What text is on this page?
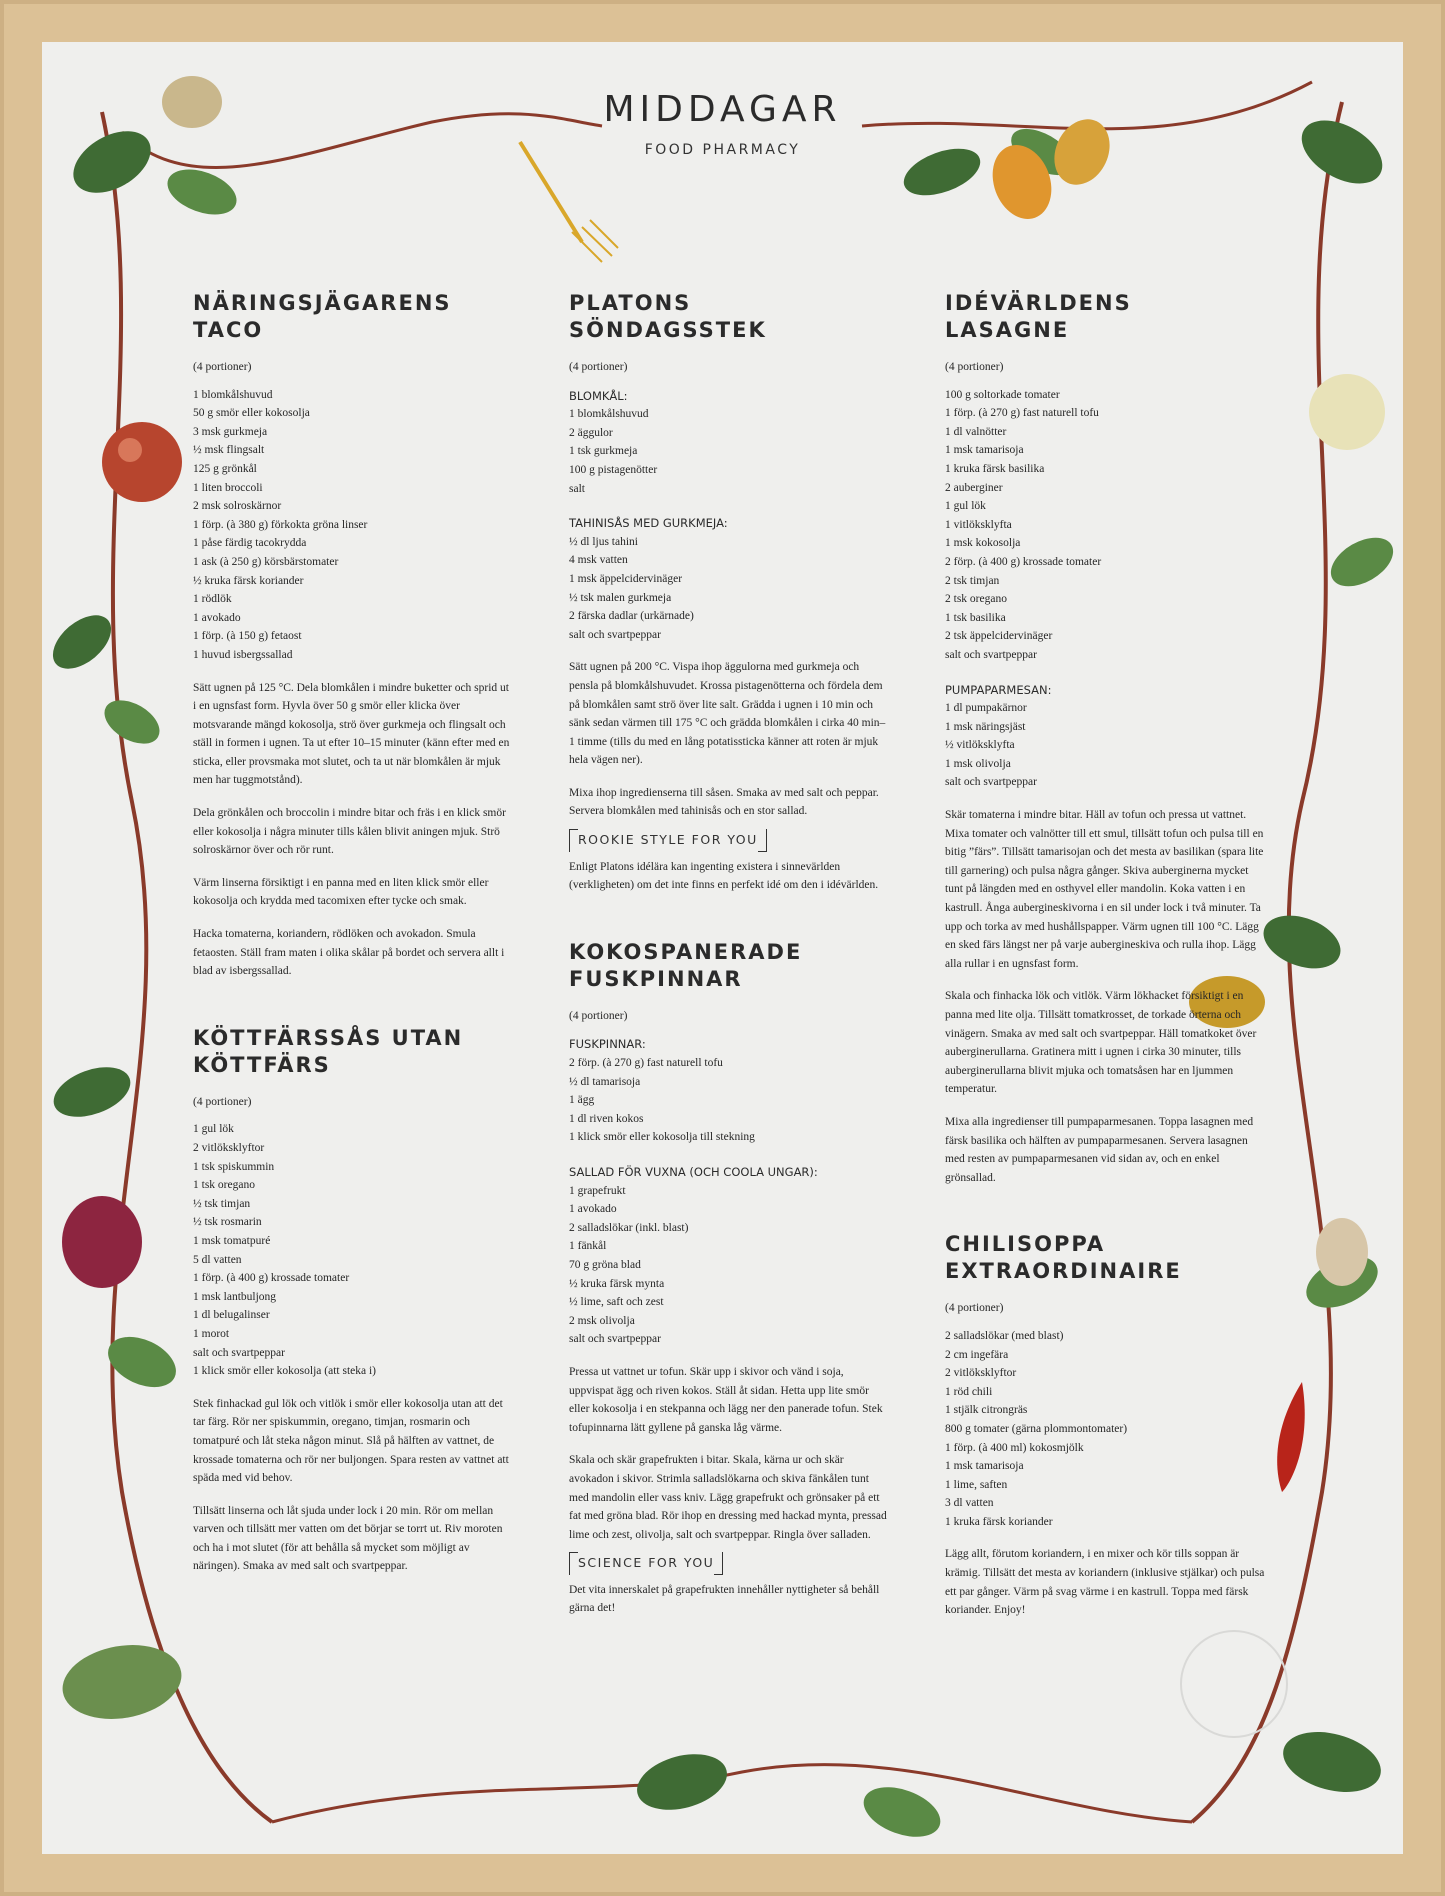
MIDDAGAR
FOOD PHARMACY
NÄRINGSJÄGARENS TACO
(4 portioner)
1 blomkålshuvud
50 g smör eller kokosolja
3 msk gurkmeja
½ msk flingsalt
125 g grönkål
1 liten broccoli
2 msk solroskärnor
1 förp. (à 380 g) förkokta gröna linser
1 påse färdig tacokrydda
1 ask (à 250 g) körsbärstomater
½ kruka färsk koriander
1 rödlök
1 avokado
1 förp. (à 150 g) fetaost
1 huvud isbergssallad
Sätt ugnen på 125 °C. Dela blomkålen i mindre buketter och sprid ut i en ugnsfast form. Hyvla över 50 g smör eller klicka över motsvarande mängd kokosolja, strö över gurkmeja och flingsalt och ställ in formen i ugnen. Ta ut efter 10–15 minuter (känn efter med en sticka, eller provsmaka mot slutet, och ta ut när blomkålen är mjuk men har tuggmotstånd).
Dela grönkålen och broccolin i mindre bitar och fräs i en klick smör eller kokosolja i några minuter tills kålen blivit aningen mjuk. Strö solroskärnor över och rör runt.
Värm linserna försiktigt i en panna med en liten klick smör eller kokosolja och krydda med tacomixen efter tycke och smak.
Hacka tomaterna, koriandern, rödlöken och avokadon. Smula fetaosten. Ställ fram maten i olika skålar på bordet och servera allt i blad av isbergssallad.
KÖTTFÄRSSÅS UTAN KÖTTFÄRS
(4 portioner)
1 gul lök
2 vitlöksklyftor
1 tsk spiskummin
1 tsk oregano
½ tsk timjan
½ tsk rosmarin
1 msk tomatpuré
5 dl vatten
1 förp. (à 400 g) krossade tomater
1 msk lantbuljong
1 dl belugalinser
1 morot
salt och svartpeppar
1 klick smör eller kokosolja (att steka i)
Stek finhackad gul lök och vitlök i smör eller kokosolja utan att det tar färg. Rör ner spiskummin, oregano, timjan, rosmarin och tomatpuré och låt steka någon minut. Slå på hälften av vattnet, de krossade tomaterna och rör ner buljongen. Spara resten av vattnet att späda med vid behov.
Tillsätt linserna och låt sjuda under lock i 20 min. Rör om mellan varven och tillsätt mer vatten om det börjar se torrt ut. Riv moroten och ha i mot slutet (för att behålla så mycket som möjligt av näringen). Smaka av med salt och svartpeppar.
PLATONS SÖNDAGSSTEK
(4 portioner)
BLOMKÅL:
1 blomkålshuvud
2 äggulor
1 tsk gurkmeja
100 g pistagenötter
salt
TAHINISÅS MED GURKMEJA:
½ dl ljus tahini
4 msk vatten
1 msk äppelcidervinäger
½ tsk malen gurkmeja
2 färska dadlar (urkärnade)
salt och svartpeppar
Sätt ugnen på 200 °C. Vispa ihop äggulorna med gurkmeja och pensla på blomkålshuvudet. Krossa pistagenötterna och fördela dem på blomkålen samt strö över lite salt. Grädda i ugnen i 10 min och sänk sedan värmen till 175 °C och grädda blomkålen i cirka 40 min–1 timme (tills du med en lång potatissticka känner att roten är mjuk hela vägen ner).
Mixa ihop ingredienserna till såsen. Smaka av med salt och peppar. Servera blomkålen med tahinisås och en stor sallad.
ROOKIE STYLE FOR YOU
Enligt Platons idélära kan ingenting existera i sinnevärlden (verkligheten) om det inte finns en perfekt idé om den i idévärlden.
KOKOSPANERADE FUSKPINNAR
(4 portioner)
FUSKPINNAR:
2 förp. (à 270 g) fast naturell tofu
½ dl tamarisoja
1 ägg
1 dl riven kokos
1 klick smör eller kokosolja till stekning
SALLAD FÖR VUXNA (OCH COOLA UNGAR):
1 grapefrukt
1 avokado
2 salladslökar (inkl. blast)
1 fänkål
70 g gröna blad
½ kruka färsk mynta
½ lime, saft och zest
2 msk olivolja
salt och svartpeppar
Pressa ut vattnet ur tofun. Skär upp i skivor och vänd i soja, uppvispat ägg och riven kokos. Ställ åt sidan. Hetta upp lite smör eller kokosolja i en stekpanna och lägg ner den panerade tofun. Stek tofupinnarna lätt gyllene på ganska låg värme.
Skala och skär grapefrukten i bitar. Skala, kärna ur och skär avokadon i skivor. Strimla salladslökarna och skiva fänkålen tunt med mandolin eller vass kniv. Lägg grapefrukt och grönsaker på ett fat med gröna blad. Rör ihop en dressing med hackad mynta, pressad lime och zest, olivolja, salt och svartpeppar. Ringla över salladen.
SCIENCE FOR YOU
Det vita innerskalet på grapefrukten innehåller nyttigheter så behåll gärna det!
IDÉVÄRLDENS LASAGNE
(4 portioner)
100 g soltorkade tomater
1 förp. (à 270 g) fast naturell tofu
1 dl valnötter
1 msk tamarisoja
1 kruka färsk basilika
2 auberginer
1 gul lök
1 vitlöksklyfta
1 msk kokosolja
2 förp. (à 400 g) krossade tomater
2 tsk timjan
2 tsk oregano
1 tsk basilika
2 tsk äppelcidervinäger
salt och svartpeppar
PUMPAPARMESAN:
1 dl pumpakärnor
1 msk näringsjäst
½ vitlöksklyfta
1 msk olivolja
salt och svartpeppar
Skär tomaterna i mindre bitar. Häll av tofun och pressa ut vattnet. Mixa tomater och valnötter till ett smul, tillsätt tofun och pulsa till en bitig ”färs”. Tillsätt tamarisojan och det mesta av basilikan (spara lite till garnering) och pulsa några gånger. Skiva auberginerna mycket tunt på längden med en osthyvel eller mandolin. Koka vatten i en kastrull. Ånga aubergineskivorna i en sil under lock i två minuter. Ta upp och torka av med hushållspapper. Värm ugnen till 100 °C. Lägg en sked färs längst ner på varje aubergineskiva och rulla ihop. Lägg alla rullar i en ugnsfast form.
Skala och finhacka lök och vitlök. Värm lökhacket försiktigt i en panna med lite olja. Tillsätt tomatkrosset, de torkade örterna och vinägern. Smaka av med salt och svartpeppar. Häll tomatkoket över auberginerullarna. Gratinera mitt i ugnen i cirka 30 minuter, tills auberginerullarna blivit mjuka och tomatsåsen har en ljummen temperatur.
Mixa alla ingredienser till pumpaparmesanen. Toppa lasagnen med färsk basilika och hälften av pumpaparmesanen. Servera lasagnen med resten av pumpaparmesanen vid sidan av, och en enkel grönsallad.
CHILISOPPA EXTRAORDINAIRE
(4 portioner)
2 salladslökar (med blast)
2 cm ingefära
2 vitlöksklyftor
1 röd chili
1 stjälk citrongräs
800 g tomater (gärna plommontomater)
1 förp. (à 400 ml) kokosmjölk
1 msk tamarisoja
1 lime, saften
3 dl vatten
1 kruka färsk koriander
Lägg allt, förutom koriandern, i en mixer och kör tills soppan är krämig. Tillsätt det mesta av koriandern (inklusive stjälkar) och pulsa ett par gånger. Värm på svag värme i en kastrull. Toppa med färsk koriander. Enjoy!
